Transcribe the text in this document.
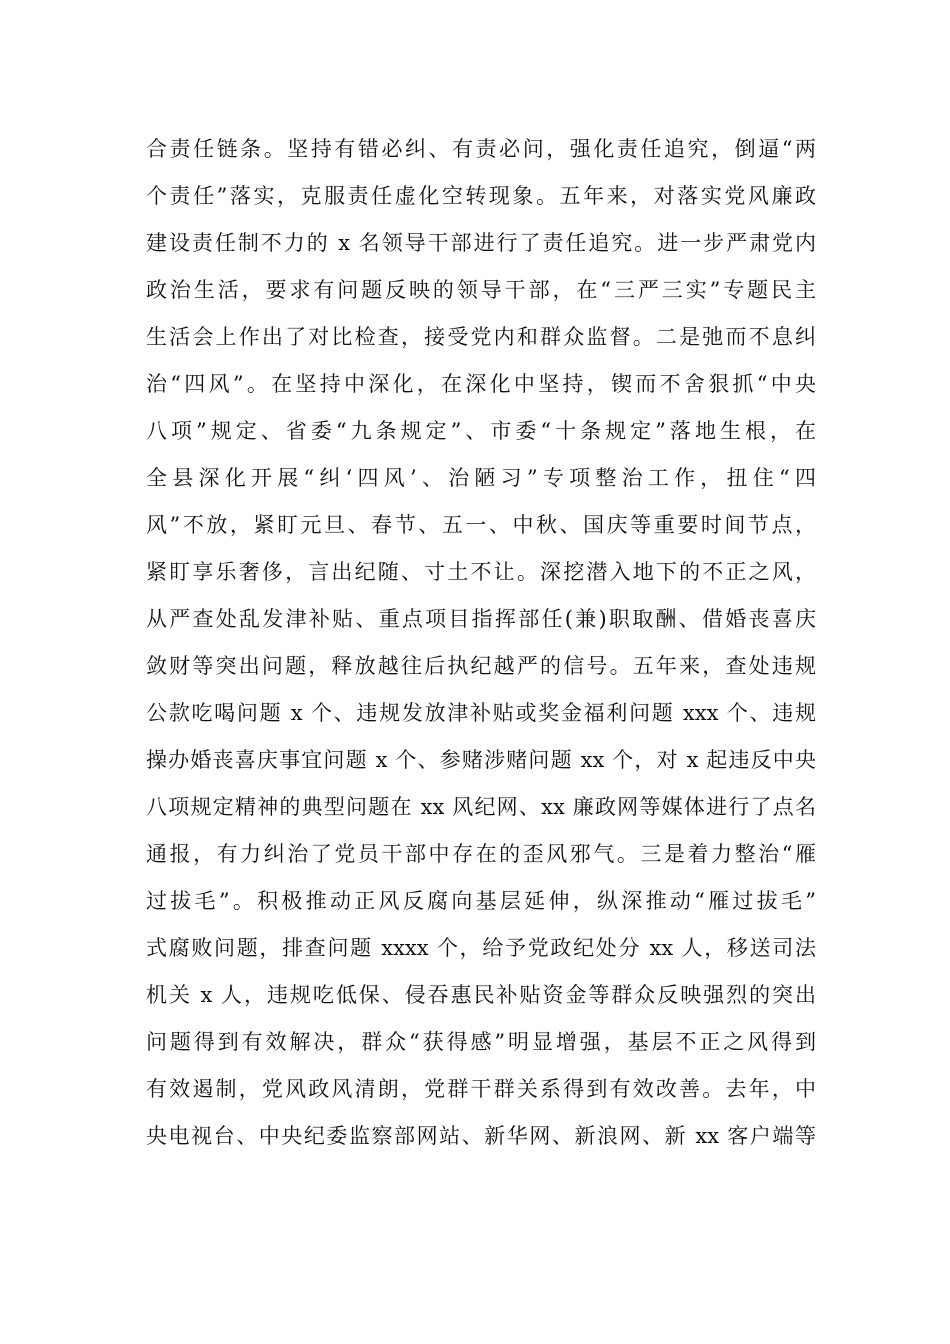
合责任链条。坚持有错必纠、有责必问，强化责任追究，倒逼“两
个责任”落实，克服责任虚化空转现象。五年来，对落实党风廉政
建设责任制不力的 x 名领导干部进行了责任追究。进一步严肃党内
政治生活，要求有问题反映的领导干部，在“三严三实”专题民主
生活会上作出了对比检查，接受党内和群众监督。二是弛而不息纠
治“四风”。在坚持中深化，在深化中坚持，锲而不舍狠抓“中央
八项”规定、省委“九条规定”、市委“十条规定”落地生根，在
全县深化开展“纠‘四风’、治陋习”专项整治工作，扭住“四
风”不放，紧盯元旦、春节、五一、中秋、国庆等重要时间节点，
紧盯享乐奢侈，言出纪随、寸土不让。深挖潜入地下的不正之风，
从严查处乱发津补贴、重点项目指挥部任(兼)职取酬、借婚丧喜庆
敛财等突出问题，释放越往后执纪越严的信号。五年来，查处违规
公款吃喝问题 x 个、违规发放津补贴或奖金福利问题 xxx 个、违规
操办婚丧喜庆事宜问题 x 个、参赌涉赌问题 xx 个，对 x 起违反中央
八项规定精神的典型问题在 xx 风纪网、xx 廉政网等媒体进行了点名
通报，有力纠治了党员干部中存在的歪风邪气。三是着力整治“雁
过拔毛”。积极推动正风反腐向基层延伸，纵深推动“雁过拔毛”
式腐败问题，排查问题 xxxx 个，给予党政纪处分 xx 人，移送司法
机关 x 人，违规吃低保、侵吞惠民补贴资金等群众反映强烈的突出
问题得到有效解决，群众“获得感”明显增强，基层不正之风得到
有效遏制，党风政风清朗，党群干群关系得到有效改善。去年，中
央电视台、中央纪委监察部网站、新华网、新浪网、新 xx 客户端等
